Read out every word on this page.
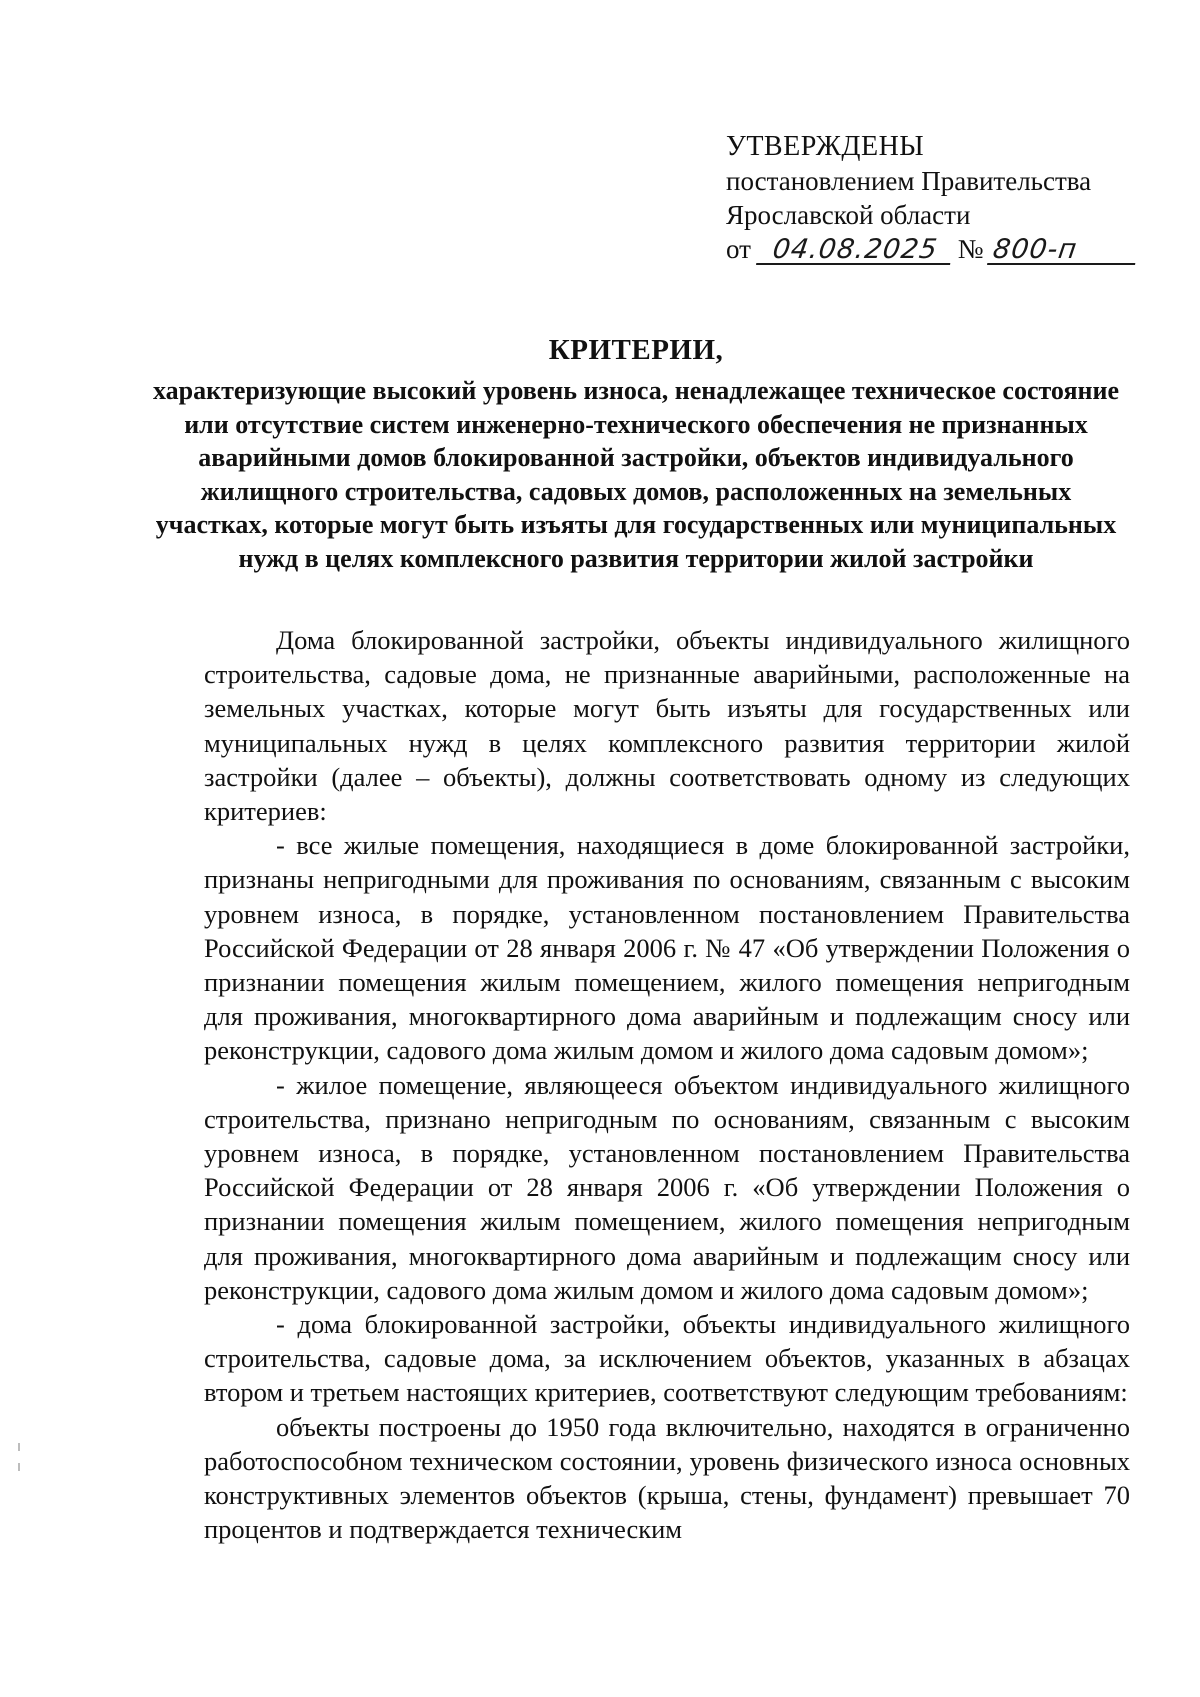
УТВЕРЖДЕНЫ
постановлением Правительства
Ярославской области
от 04.08.2025 № 800-п
КРИТЕРИИ,
характеризующие высокий уровень износа, ненадлежащее техническое состояние или отсутствие систем инженерно-технического обеспечения не признанных аварийными домов блокированной застройки, объектов индивидуального жилищного строительства, садовых домов, расположенных на земельных участках, которые могут быть изъяты для государственных или муниципальных нужд в целях комплексного развития территории жилой застройки

Дома блокированной застройки, объекты индивидуального жилищного строительства, садовые дома, не признанные аварийными, расположенные на земельных участках, которые могут быть изъяты для государственных или муниципальных нужд в целях комплексного развития территории жилой застройки (далее – объекты), должны соответствовать одному из следующих критериев:

- все жилые помещения, находящиеся в доме блокированной застройки, признаны непригодными для проживания по основаниям, связанным с высоким уровнем износа, в порядке, установленном постановлением Правительства Российской Федерации от 28 января 2006 г. № 47 «Об утверждении Положения о признании помещения жилым помещением, жилого помещения непригодным для проживания, многоквартирного дома аварийным и подлежащим сносу или реконструкции, садового дома жилым домом и жилого дома садовым домом»;

- жилое помещение, являющееся объектом индивидуального жилищного строительства, признано непригодным по основаниям, связанным с высоким уровнем износа, в порядке, установленном постановлением Правительства Российской Федерации от 28 января 2006 г. «Об утверждении Положения о признании помещения жилым помещением, жилого помещения непригодным для проживания, многоквартирного дома аварийным и подлежащим сносу или реконструкции, садового дома жилым домом и жилого дома садовым домом»;

- дома блокированной застройки, объекты индивидуального жилищного строительства, садовые дома, за исключением объектов, указанных в абзацах втором и третьем настоящих критериев, соответствуют следующим требованиям:

объекты построены до 1950 года включительно, находятся в ограниченно работоспособном техническом состоянии, уровень физического износа основных конструктивных элементов объектов (крыша, стены, фундамент) превышает 70 процентов и подтверждается техническим
